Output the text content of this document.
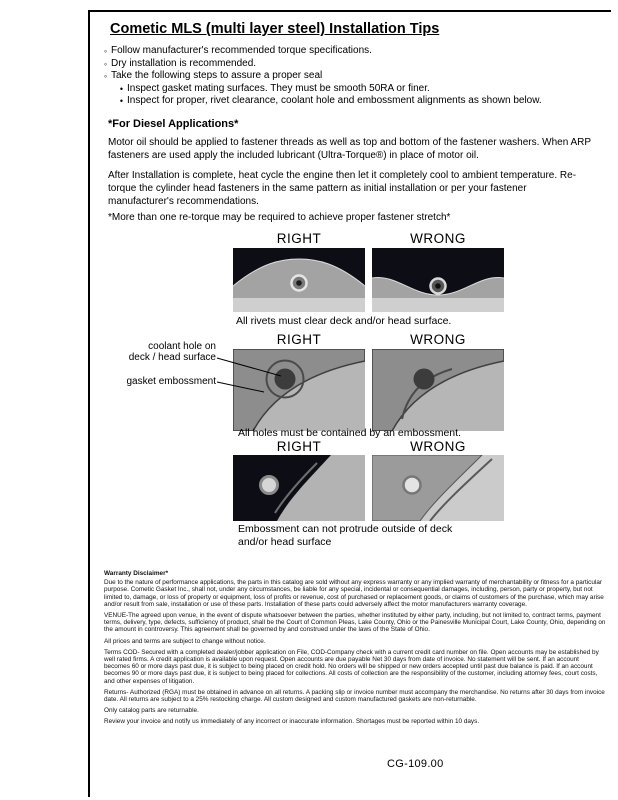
Cometic MLS (multi layer steel) Installation Tips
◦ Follow manufacturer's recommended torque specifications.
◦ Dry installation is recommended.
◦ Take the following steps to assure a proper seal
• Inspect gasket mating surfaces. They must be smooth 50RA or finer.
• Inspect for proper, rivet clearance, coolant hole and embossment alignments as shown below.
*For Diesel Applications*
Motor oil should be applied to fastener threads as well as top and bottom of the fastener washers. When ARP fasteners are used apply the included lubricant (Ultra-Torque®) in place of motor oil.
After Installation is complete, heat cycle the engine then let it completely cool to ambient temperature. Re-torque the cylinder head fasteners in the same pattern as initial installation or per your fastener manufacturer's recommendations.
*More than one re-torque may be required to achieve proper fastener stretch*
RIGHT	WRONG
All rivets must clear deck and/or head surface.
RIGHT	WRONG
coolant hole on
deck / head surface
gasket embossment
All holes must be contained by an embossment.
RIGHT	WRONG
Embossment can not protrude outside of deck and/or head surface
Warranty Disclaimer*

Due to the nature of performance applications, the parts in this catalog are sold without any express warranty or any implied warranty of merchantability or fitness for a particular purpose. Cometic Gasket Inc., shall not, under any circumstances, be liable for any special, incidental or consequential damages, including, person, party or property, but not limited to, damage, or loss of property or equipment, loss of profits or revenue, cost of purchased or replacement goods, or claims of customers of the purchase, which may arise and/or result from sale, installation or use of these parts. Installation of these parts could adversely affect the motor manufacturers warranty coverage.

VENUE-The agreed upon venue, in the event of dispute whatsoever between the parties, whether instituted by either party, including, but not limited to, contract terms, payment terms, delivery, type, defects, sufficiency of product, shall be the Court of Common Pleas, Lake County, Ohio or the Painesville Municipal Court, Lake County, Ohio, depending on the amount in controversy. This agreement shall be governed by and construed under the laws of the State of Ohio.

All prices and terms are subject to change without notice.

Terms COD- Secured with a completed dealer/jobber application on File, COD-Company check with a current credit card number on file. Open accounts may be established by well rated firms. A credit application is available upon request. Open accounts are due payable Net 30 days from date of invoice. No statement will be sent. If an account becomes 60 or more days past due, it is subject to being placed on credit hold. No orders will be shipped or new orders accepted until past due balance is paid. If an account becomes 90 or more days past due, it is subject to being placed for collections. All costs of collection are the responsibility of the customer, including attorney fees, court costs, and other expenses of litigation.

Returns- Authorized (RGA) must be obtained in advance on all returns. A packing slip or invoice number must accompany the merchandise. No returns after 30 days from invoice date. All returns are subject to a 25% restocking charge. All custom designed and custom manufactured gaskets are non-returnable.

Only catalog parts are returnable.

Review your invoice and notify us immediately of any incorrect or inaccurate information. Shortages must be reported within 10 days.

CG-109.00
